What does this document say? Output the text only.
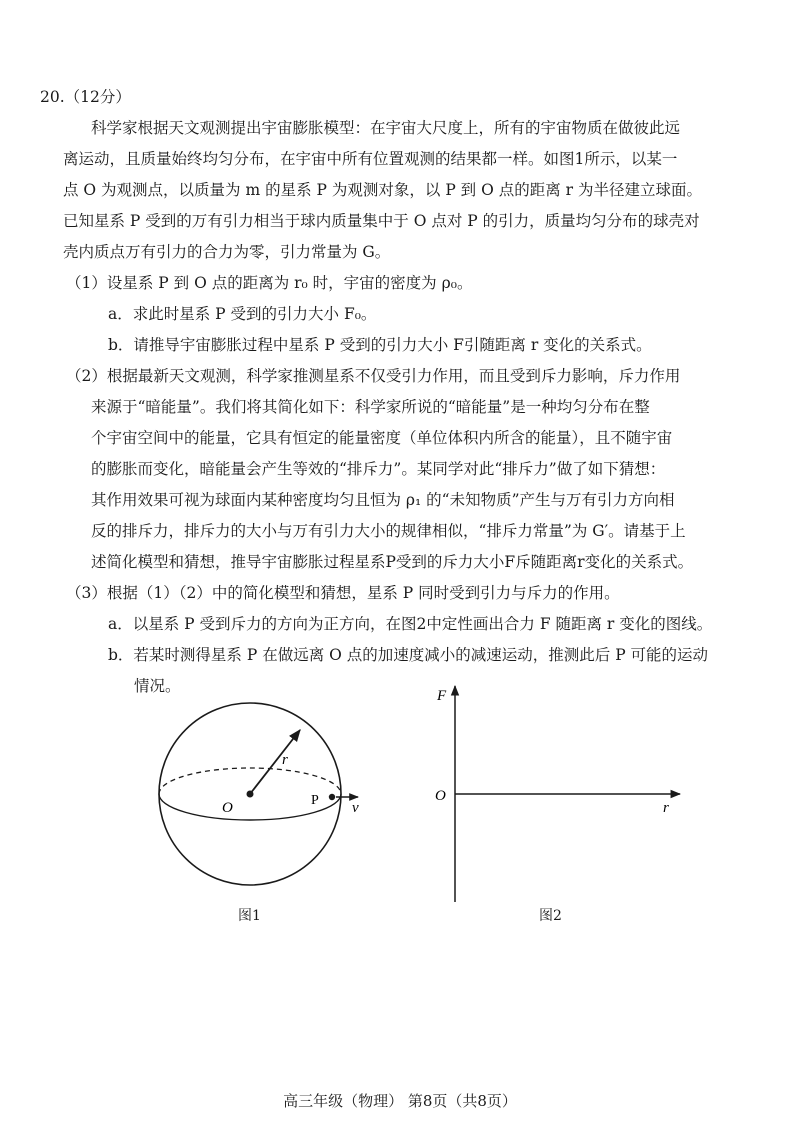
20.（12分）
科学家根据天文观测提出宇宙膨胀模型：在宇宙大尺度上，所有的宇宙物质在做彼此远
离运动，且质量始终均匀分布，在宇宙中所有位置观测的结果都一样。如图1所示，以某一
点 O 为观测点，以质量为 m 的星系 P 为观测对象，以 P 到 O 点的距离 r 为半径建立球面。
已知星系 P 受到的万有引力相当于球内质量集中于 O 点对 P 的引力，质量均匀分布的球壳对
壳内质点万有引力的合力为零，引力常量为 G。
（1）设星系 P 到 O 点的距离为 r₀ 时，宇宙的密度为 ρ₀。
a．求此时星系 P 受到的引力大小 F₀。
b．请推导宇宙膨胀过程中星系 P 受到的引力大小 F引随距离 r 变化的关系式。
（2）根据最新天文观测，科学家推测星系不仅受引力作用，而且受到斥力影响，斥力作用
来源于“暗能量”。我们将其简化如下：科学家所说的“暗能量”是一种均匀分布在整
个宇宙空间中的能量，它具有恒定的能量密度（单位体积内所含的能量），且不随宇宙
的膨胀而变化，暗能量会产生等效的“排斥力”。某同学对此“排斥力”做了如下猜想：
其作用效果可视为球面内某种密度均匀且恒为 ρ₁ 的“未知物质”产生与万有引力方向相
反的排斥力，排斥力的大小与万有引力大小的规律相似，“排斥力常量”为 G′。请基于上
述简化模型和猜想，推导宇宙膨胀过程星系P受到的斥力大小F斥随距离r变化的关系式。
（3）根据（1）（2）中的简化模型和猜想，星系 P 同时受到引力与斥力的作用。
a．以星系 P 受到斥力的方向为正方向，在图2中定性画出合力 F 随距离 r 变化的图线。
b．若某时测得星系 P 在做远离 O 点的加速度减小的减速运动，推测此后 P 可能的运动
情况。
r
O	P v
图1
F
O
r
图2
高三年级（物理） 第8页（共8页）
